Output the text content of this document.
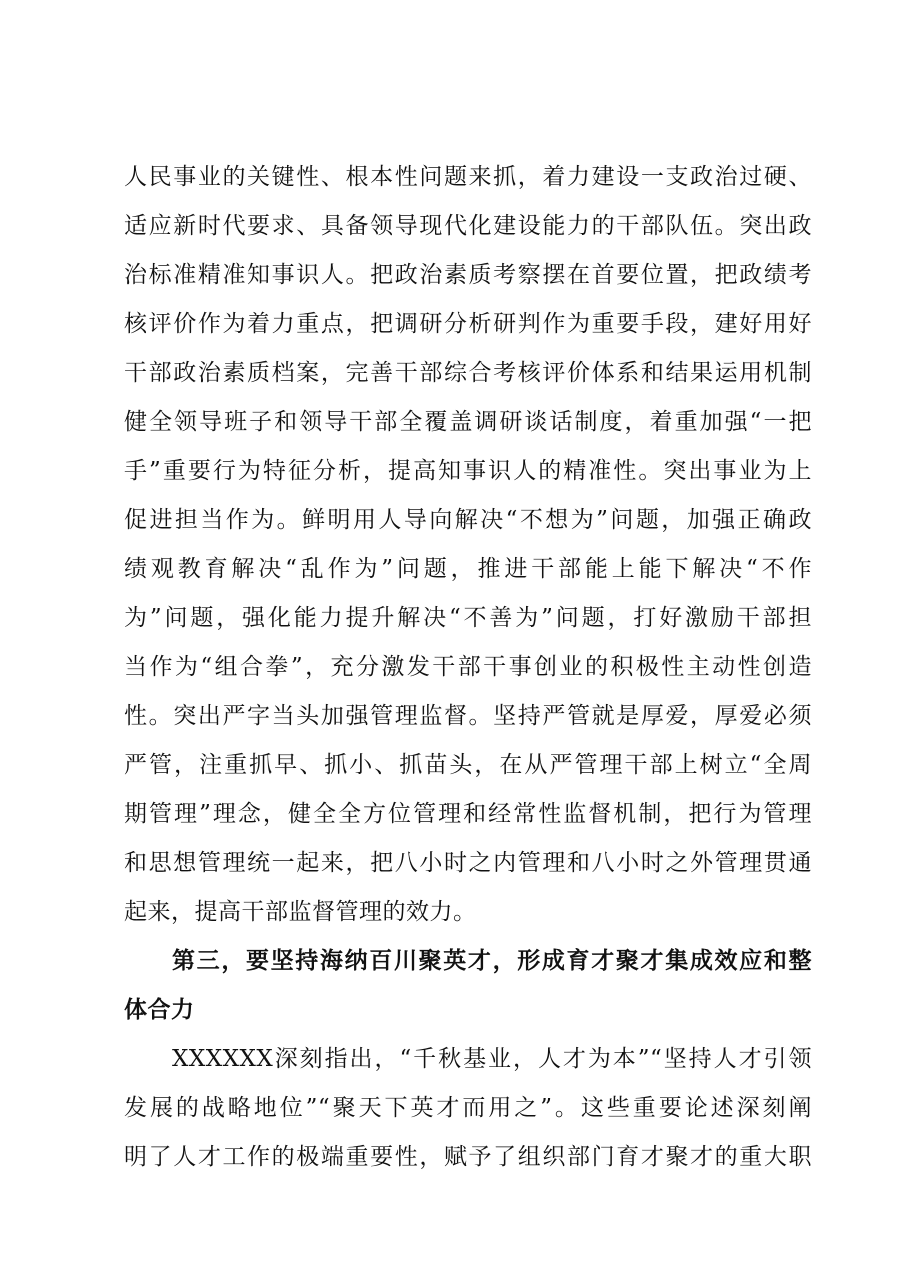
人民事业的关键性、根本性问题来抓，着力建设一支政治过硬、
适应新时代要求、具备领导现代化建设能力的干部队伍。突出政
治标准精准知事识人。把政治素质考察摆在首要位置，把政绩考
核评价作为着力重点，把调研分析研判作为重要手段，建好用好
干部政治素质档案，完善干部综合考核评价体系和结果运用机制
健全领导班子和领导干部全覆盖调研谈话制度，着重加强“一把
手”重要行为特征分析，提高知事识人的精准性。突出事业为上
促进担当作为。鲜明用人导向解决“不想为”问题，加强正确政
绩观教育解决“乱作为”问题，推进干部能上能下解决“不作
为”问题，强化能力提升解决“不善为”问题，打好激励干部担
当作为“组合拳”，充分激发干部干事创业的积极性主动性创造
性。突出严字当头加强管理监督。坚持严管就是厚爱，厚爱必须
严管，注重抓早、抓小、抓苗头，在从严管理干部上树立“全周
期管理”理念，健全全方位管理和经常性监督机制，把行为管理
和思想管理统一起来，把八小时之内管理和八小时之外管理贯通
起来，提高干部监督管理的效力。
第三，要坚持海纳百川聚英才，形成育才聚才集成效应和整
体合力
XXXXXX深刻指出，“千秋基业，人才为本”“坚持人才引领
发展的战略地位”“聚天下英才而用之”。这些重要论述深刻阐
明了人才工作的极端重要性，赋予了组织部门育才聚才的重大职
